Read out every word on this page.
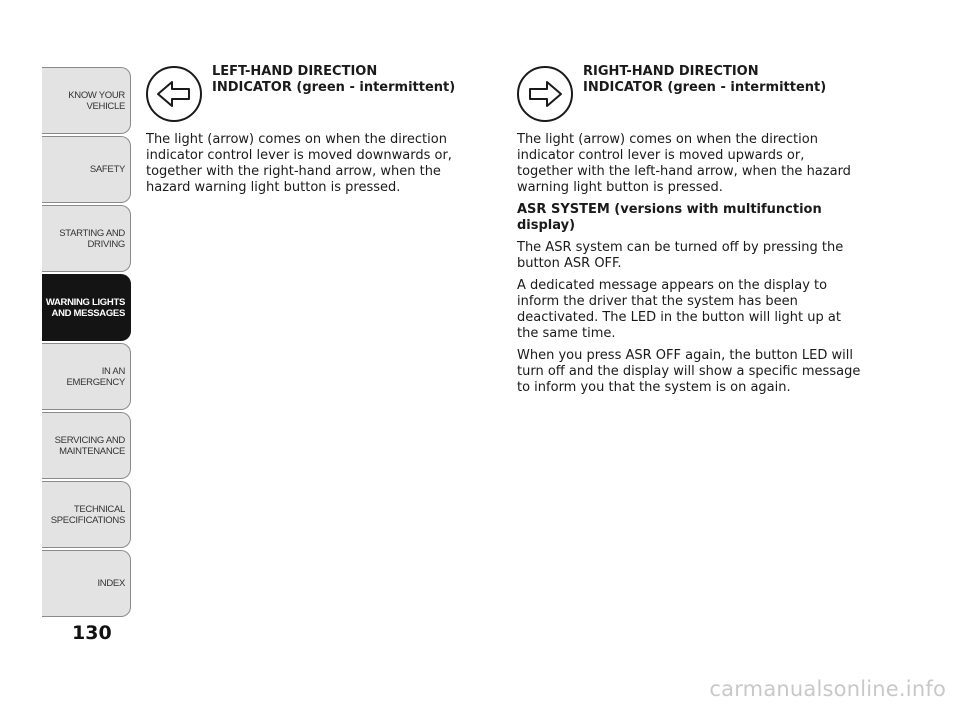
KNOW YOUR
VEHICLE
SAFETY
STARTING AND
DRIVING
WARNING LIGHTS
AND MESSAGES
IN AN EMERGENCY
SERVICING AND
MAINTENANCE
TECHNICAL
SPECIFICATIONS
INDEX
130
LEFT-HAND DIRECTION
INDICATOR (green - intermittent)

The light (arrow) comes on when the direction indicator control lever is moved downwards or, together with the right-hand arrow, when the hazard warning light button is pressed.

RIGHT-HAND DIRECTION
INDICATOR (green - intermittent)

The light (arrow) comes on when the direction indicator control lever is moved upwards or, together with the left-hand arrow, when the hazard warning light button is pressed.

ASR SYSTEM (versions with multifunction display)

The ASR system can be turned off by pressing the button ASR OFF.

A dedicated message appears on the display to inform the driver that the system has been deactivated. The LED in the button will light up at the same time.

When you press ASR OFF again, the button LED will turn off and the display will show a specific message to inform you that the system is on again.

carmanualsonline.info
